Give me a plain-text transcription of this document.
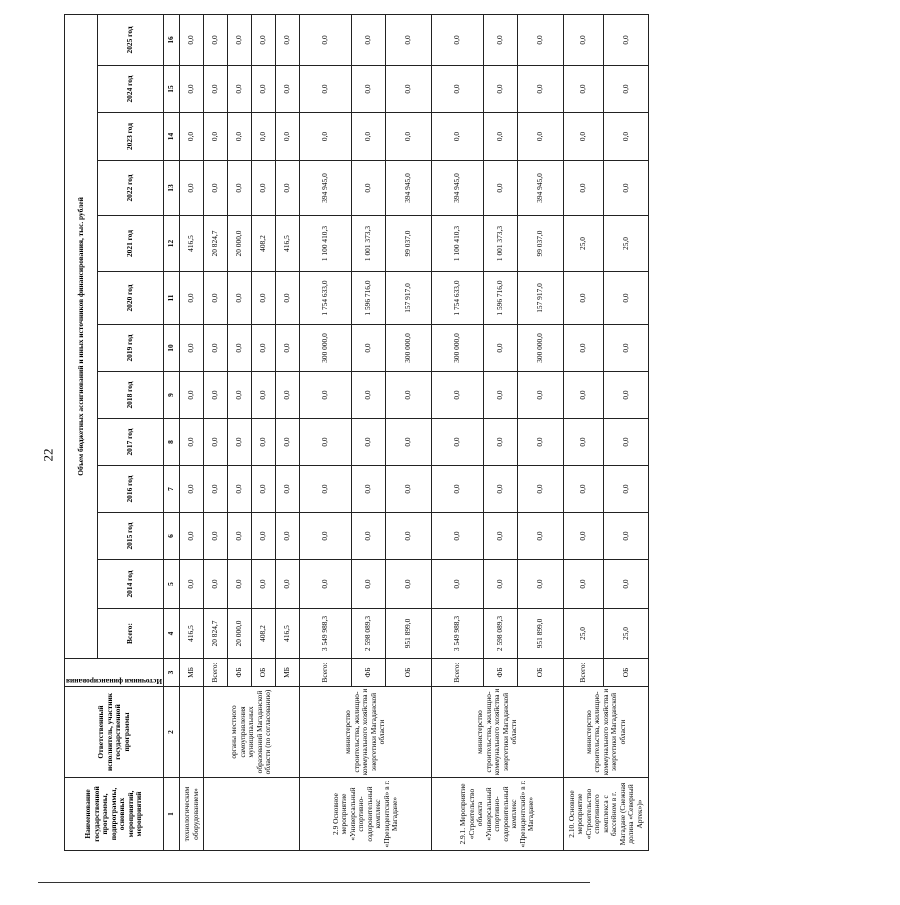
22
Наименование государственной программы, подпрограммы, основных мероприятий, мероприятий	Ответственный исполнитель, участник государственной программы	Источники финансирования	Объем бюджетных ассигнований и иных источников финансирования, тыс. рублей												
			Всего:	2014 год	2015 год	2016 год	2017 год	2018 год	2019 год	2020 год	2021 год	2022 год	2023 год	2024 год	2025 год
1	2	3	4	5	6	7	8	9	10	11	12	13	14	15	16
технологическим оборудованием»		МБ	416,5	0,0	0,0	0,0	0,0	0,0	0,0	0,0	416,5	0,0	0,0	0,0	0,0
	органы местного самоуправления муниципальных образований Магаданской области (по согласованию)	Всего:	20 824,7	0,0	0,0	0,0	0,0	0,0	0,0	0,0	20 824,7	0,0	0,0	0,0	0,0
		ФБ	20 000,0	0,0	0,0	0,0	0,0	0,0	0,0	0,0	20 000,0	0,0	0,0	0,0	0,0
		ОБ	408,2	0,0	0,0	0,0	0,0	0,0	0,0	0,0	408,2	0,0	0,0	0,0	0,0
		МБ	416,5	0,0	0,0	0,0	0,0	0,0	0,0	0,0	416,5	0,0	0,0	0,0	0,0
2.9 Основное мероприятие «Универсальный спортивно-оздоровительный комплекс «Президентский» в г. Магадане»	министерство строительства, жилищно-коммунального хозяйства и энергетики Магаданской области	Всего:	3 549 988,3	0,0	0,0	0,0	0,0	0,0	300 000,0	1 754 633,0	1 100 410,3	394 945,0	0,0	0,0	0,0
		ФБ	2 598 089,3	0,0	0,0	0,0	0,0	0,0	0,0	1 596 716,0	1 001 373,3	0,0	0,0	0,0	0,0
		ОБ	951 899,0	0,0	0,0	0,0	0,0	0,0	300 000,0	157 917,0	99 037,0	394 945,0	0,0	0,0	0,0
2.9.1. Мероприятие «Строительство объекта «Универсальный спортивно-оздоровительный комплекс «Президентский» в г. Магадане»	министерство строительства, жилищно-коммунального хозяйства и энергетики Магаданской области	Всего:	3 549 988,3	0,0	0,0	0,0	0,0	0,0	300 000,0	1 754 633,0	1 100 410,3	394 945,0	0,0	0,0	0,0
		ФБ	2 598 089,3	0,0	0,0	0,0	0,0	0,0	0,0	1 596 716,0	1 001 373,3	0,0	0,0	0,0	0,0
		ОБ	951 899,0	0,0	0,0	0,0	0,0	0,0	300 000,0	157 917,0	99 037,0	394 945,0	0,0	0,0	0,0
2.10. Основное мероприятие «Строительство спортивного комплекса с бассейном в г. Магадане (Снежная долина «Северный Артек»)»	министерство строительства, жилищно-коммунального хозяйства и энергетики Магаданской области	Всего:	25,0	0,0	0,0	0,0	0,0	0,0	0,0	0,0	25,0	0,0	0,0	0,0	0,0
		ОБ	25,0	0,0	0,0	0,0	0,0	0,0	0,0	0,0	25,0	0,0	0,0	0,0	0,0
